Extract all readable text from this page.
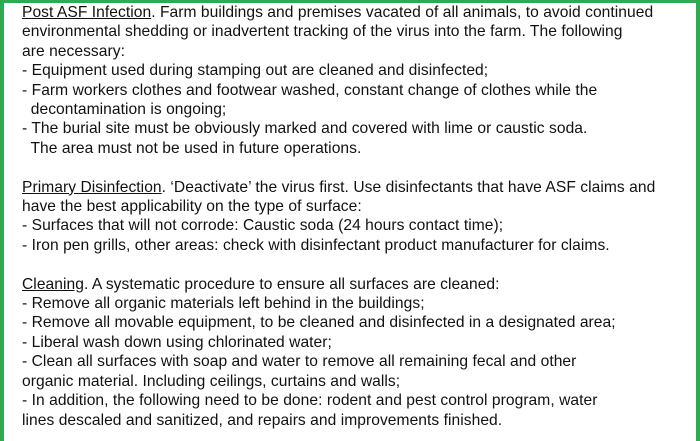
Post ASF Infection. Farm buildings and premises vacated of all animals, to avoid continued
environmental shedding or inadvertent tracking of the virus into the farm. The following
are necessary:
- Equipment used during stamping out are cleaned and disinfected;
- Farm workers clothes and footwear washed, constant change of clothes while the
decontamination is ongoing;
- The burial site must be obviously marked and covered with lime or caustic soda.
The area must not be used in future operations.
Primary Disinfection. ‘Deactivate’ the virus first. Use disinfectants that have ASF claims and
have the best applicability on the type of surface:
- Surfaces that will not corrode: Caustic soda (24 hours contact time);
- Iron pen grills, other areas: check with disinfectant product manufacturer for claims.
Cleaning. A systematic procedure to ensure all surfaces are cleaned:
- Remove all organic materials left behind in the buildings;
- Remove all movable equipment, to be cleaned and disinfected in a designated area;
- Liberal wash down using chlorinated water;
- Clean all surfaces with soap and water to remove all remaining fecal and other
organic material. Including ceilings, curtains and walls;
- In addition, the following need to be done: rodent and pest control program, water
lines descaled and sanitized, and repairs and improvements finished.
